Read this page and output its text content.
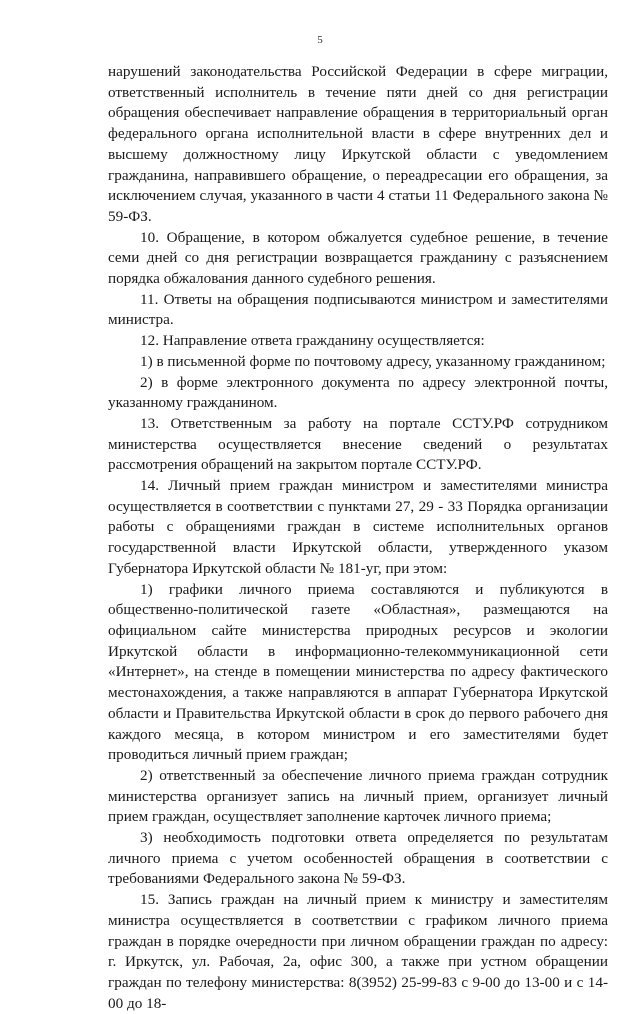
5

нарушений законодательства Российской Федерации в сфере миграции, ответственный исполнитель в течение пяти дней со дня регистрации обращения обеспечивает направление обращения в территориальный орган федерального органа исполнительной власти в сфере внутренних дел и высшему должностному лицу Иркутской области с уведомлением гражданина, направившего обращение, о переадресации его обращения, за исключением случая, указанного в части 4 статьи 11 Федерального закона № 59-ФЗ.

10. Обращение, в котором обжалуется судебное решение, в течение семи дней со дня регистрации возвращается гражданину с разъяснением порядка обжалования данного судебного решения.

11. Ответы на обращения подписываются министром и заместителями министра.

12. Направление ответа гражданину осуществляется:

1) в письменной форме по почтовому адресу, указанному гражданином;

2) в форме электронного документа по адресу электронной почты, указанному гражданином.

13. Ответственным за работу на портале ССТУ.РФ сотрудником министерства осуществляется внесение сведений о результатах рассмотрения обращений на закрытом портале ССТУ.РФ.

14. Личный прием граждан министром и заместителями министра осуществляется в соответствии с пунктами 27, 29 - 33 Порядка организации работы с обращениями граждан в системе исполнительных органов государственной власти Иркутской области, утвержденного указом Губернатора Иркутской области № 181-уг, при этом:

1) графики личного приема составляются и публикуются в общественно-политической газете «Областная», размещаются на официальном сайте министерства природных ресурсов и экологии Иркутской области в информационно-телекоммуникационной сети «Интернет», на стенде в помещении министерства по адресу фактического местонахождения, а также направляются в аппарат Губернатора Иркутской области и Правительства Иркутской области в срок до первого рабочего дня каждого месяца, в котором министром и его заместителями будет проводиться личный прием граждан;

2) ответственный за обеспечение личного приема граждан сотрудник министерства организует запись на личный прием, организует личный прием граждан, осуществляет заполнение карточек личного приема;

3) необходимость подготовки ответа определяется по результатам личного приема с учетом особенностей обращения в соответствии с требованиями Федерального закона № 59-ФЗ.

15. Запись граждан на личный прием к министру и заместителям министра осуществляется в соответствии с графиком личного приема граждан в порядке очередности при личном обращении граждан по адресу: г. Иркутск, ул. Рабочая, 2а, офис 300, а также при устном обращении граждан по телефону министерства: 8(3952) 25-99-83 с 9-00 до 13-00 и с 14-00 до 18-
